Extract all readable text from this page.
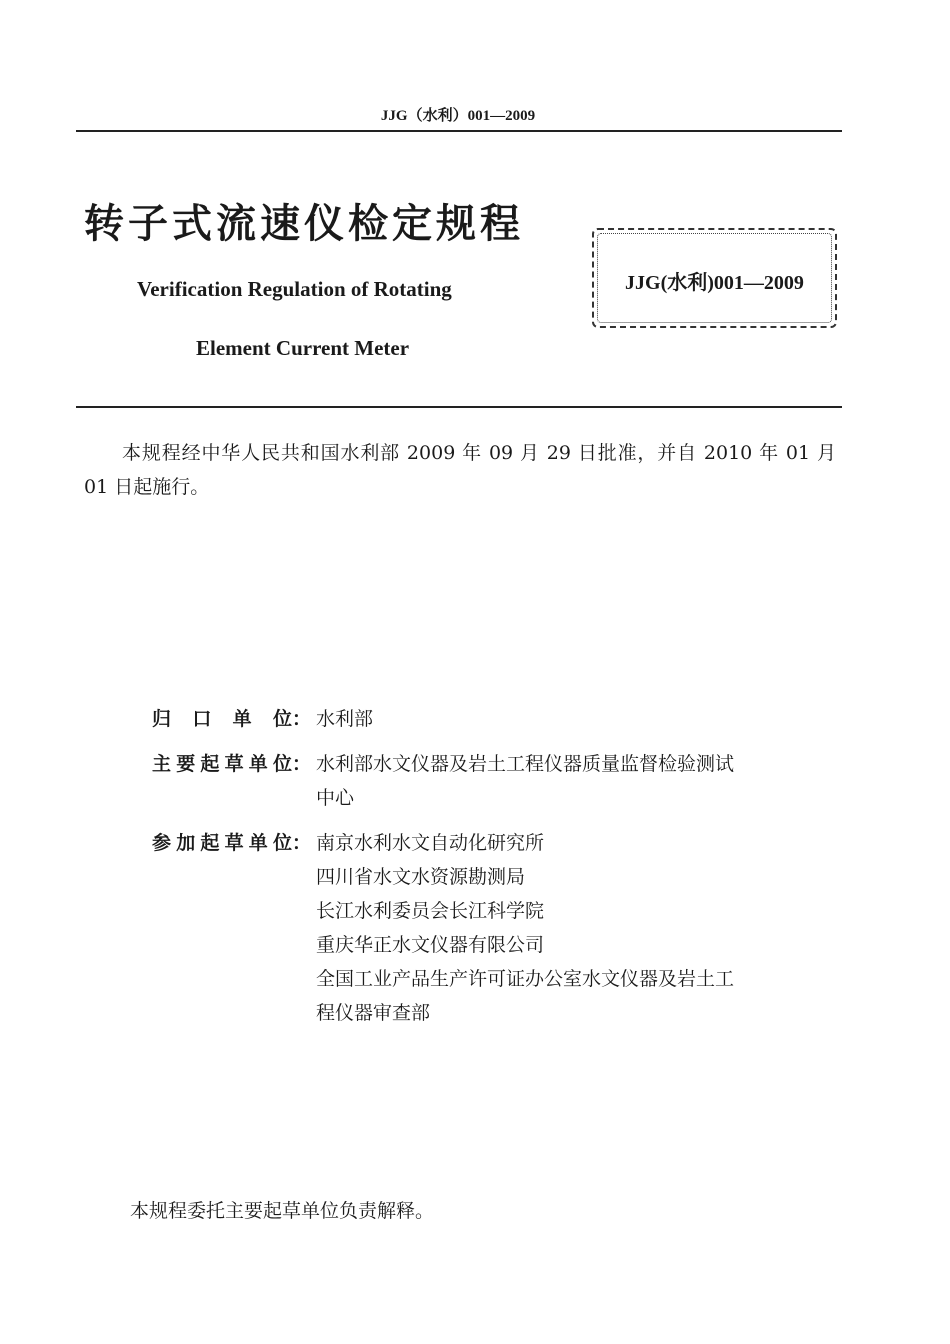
JJG（水利）001—2009
转子式流速仪检定规程
Verification Regulation of Rotating
Element Current Meter
JJG(水利)001—2009
本规程经中华人民共和国水利部 2009 年 09 月 29 日批准，并自 2010 年 01 月 01 日起施行。
归口单位： 水利部
主要起草单位： 水利部水文仪器及岩土工程仪器质量监督检验测试
中心
参加起草单位： 南京水利水文自动化研究所
四川省水文水资源勘测局
长江水利委员会长江科学院
重庆华正水文仪器有限公司
全国工业产品生产许可证办公室水文仪器及岩土工
程仪器审查部
本规程委托主要起草单位负责解释。
